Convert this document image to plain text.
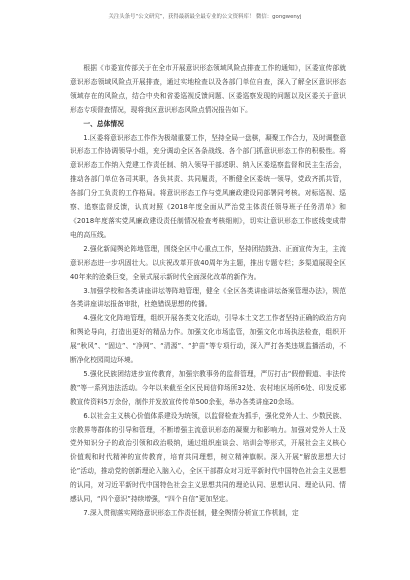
关注头条号“公文研究”，获得最新最全最专业的公文资料库！ 微信：gongwenyj

根据《市委宣传部关于在全市开展意识形态领域风险点排查工作的通知》，区委宣传部就意识形态领域风险点开展排查，通过实地检查以及各部门单位自查，深入了解全区意识形态领域存在的风险点，结合中央和省委巡视反馈问题、区委巡察发现的问题以及区委关于意识形态专项督查情况，现将我区意识形态风险点情况报告如下。

一、总体情况

1.区委将意识形态工作作为极端重要工作，坚持全局一盘棋，凝聚工作合力，及时调整意识形态工作协调领导小组，充分调动全区各条战线、各个部门抓意识形态工作的积极性。将意识形态工作纳入党建工作责任制、纳入领导干部述职、纳入区委巡察监督和民主生活会，推动各部门单位各司其职，各负其责、共同履责，不断健全区委统一领导，党政齐抓共管，各部门分工负责的工作格局。将意识形态工作与党风廉政建设同部署同考核。对标巡视、巡察、追察监督反馈，认真对照《2018年度全面从严治党主体责任领导班子任务清单》和《2018年度落实党风廉政建设责任制情况检查考核细则》，切实让意识形态工作底线变成带电的高压线。

2.强化新闻舆论阵地管理，围绕全区中心重点工作，坚持团结鼓劲、正面宣传为主，主流意识形态进一步巩固壮大。以庆祝改革开放40周年为主题，推出专题专栏；多渠道展现全区40年来的沧桑巨变，全景式展示新时代全面深化改革的新作为。

3.加强学校和各类讲座讲坛等阵地管理，健全《全区各类讲座讲坛备案管理办法》，规范各类讲座讲坛报备审批，杜绝错误思想的传播。

4.强化文化阵地管理，组织开展各类文化活动，引导本土文艺工作者坚持正确的政治方向和舆论导向，打造出更好的精品力作。加强文化市场监管，加强文化市场执法检查，组织开展“秋风”、“固边”、“净网”、“清源”、“护苗”等专项行动，深入严打各类违规监播活动，不断净化校园周边环境。

5.强化民族团结进步宣传教育，加强宗教事务的监督管理，严厉打击“假僧假道、非法传教”等一系列违法活动。今年以来截至全区民间信仰场所32处、农村地区场所6处、印发反邪教宣传资料5万余份，制作并发放宣传传单500余张，举办各类讲座20余场。

6.以社会主义核心价值体系建设为统领，以监督检查为抓手，强化党外人士、少数民族、宗教界等群体的引导和管理，不断增强主流意识形态的凝聚力和影响力。加强对党外人士及党外知识分子的政治引领和政治吸纳，通过组织座谈会、培训会等形式，开展社会主义核心价值观和时代精神的宣传教育，培育共同理想，树立精神旗帜。深入开展“解放思想大讨论”活动，推动党的创新理论入脑入心，全区干部群众对习近平新时代中国特色社会主义思想的认同，对习近平新时代中国特色社会主义思想共同的理论认同、思想认同、理论认同、情感认同，“四个意识”持续增强，“四个自信”更加坚定。

7.深入贯彻落实网络意识形态工作责任制，健全舆情分析宣工作机制，定
